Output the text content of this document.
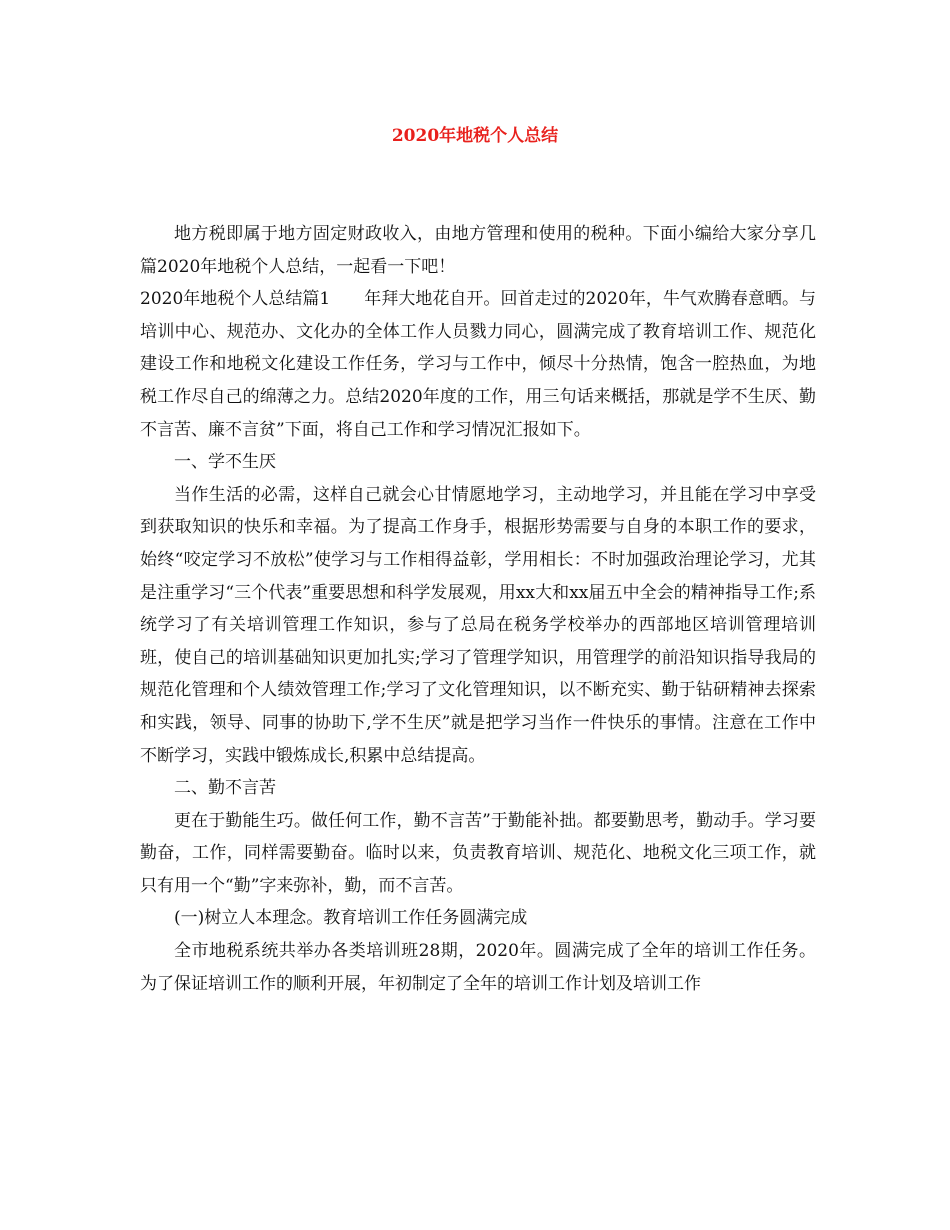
2020年地税个人总结

地方税即属于地方固定财政收入，由地方管理和使用的税种。下面小编给大家分享几篇2020年地税个人总结，一起看一下吧！

2020年地税个人总结篇1　　年拜大地花自开。回首走过的2020年，牛气欢腾春意晒。与培训中心、规范办、文化办的全体工作人员戮力同心，圆满完成了教育培训工作、规范化建设工作和地税文化建设工作任务，学习与工作中，倾尽十分热情，饱含一腔热血，为地税工作尽自己的绵薄之力。总结2020年度的工作，用三句话来概括，那就是学不生厌、勤不言苦、廉不言贫”下面，将自己工作和学习情况汇报如下。

一、学不生厌

当作生活的必需，这样自己就会心甘情愿地学习，主动地学习，并且能在学习中享受到获取知识的快乐和幸福。为了提高工作身手，根据形势需要与自身的本职工作的要求，始终“咬定学习不放松”使学习与工作相得益彰，学用相长：不时加强政治理论学习，尤其是注重学习“三个代表”重要思想和科学发展观，用xx大和xx届五中全会的精神指导工作;系统学习了有关培训管理工作知识，参与了总局在税务学校举办的西部地区培训管理培训班，使自己的培训基础知识更加扎实;学习了管理学知识，用管理学的前沿知识指导我局的规范化管理和个人绩效管理工作;学习了文化管理知识，以不断充实、勤于钻研精神去探索和实践，领导、同事的协助下,学不生厌”就是把学习当作一件快乐的事情。注意在工作中不断学习，实践中锻炼成长,积累中总结提高。

二、勤不言苦

更在于勤能生巧。做任何工作，勤不言苦”于勤能补拙。都要勤思考，勤动手。学习要勤奋，工作，同样需要勤奋。临时以来，负责教育培训、规范化、地税文化三项工作，就只有用一个“勤”字来弥补，勤，而不言苦。

(一)树立人本理念。教育培训工作任务圆满完成

全市地税系统共举办各类培训班28期，2020年。圆满完成了全年的培训工作任务。为了保证培训工作的顺利开展，年初制定了全年的培训工作计划及培训工作
